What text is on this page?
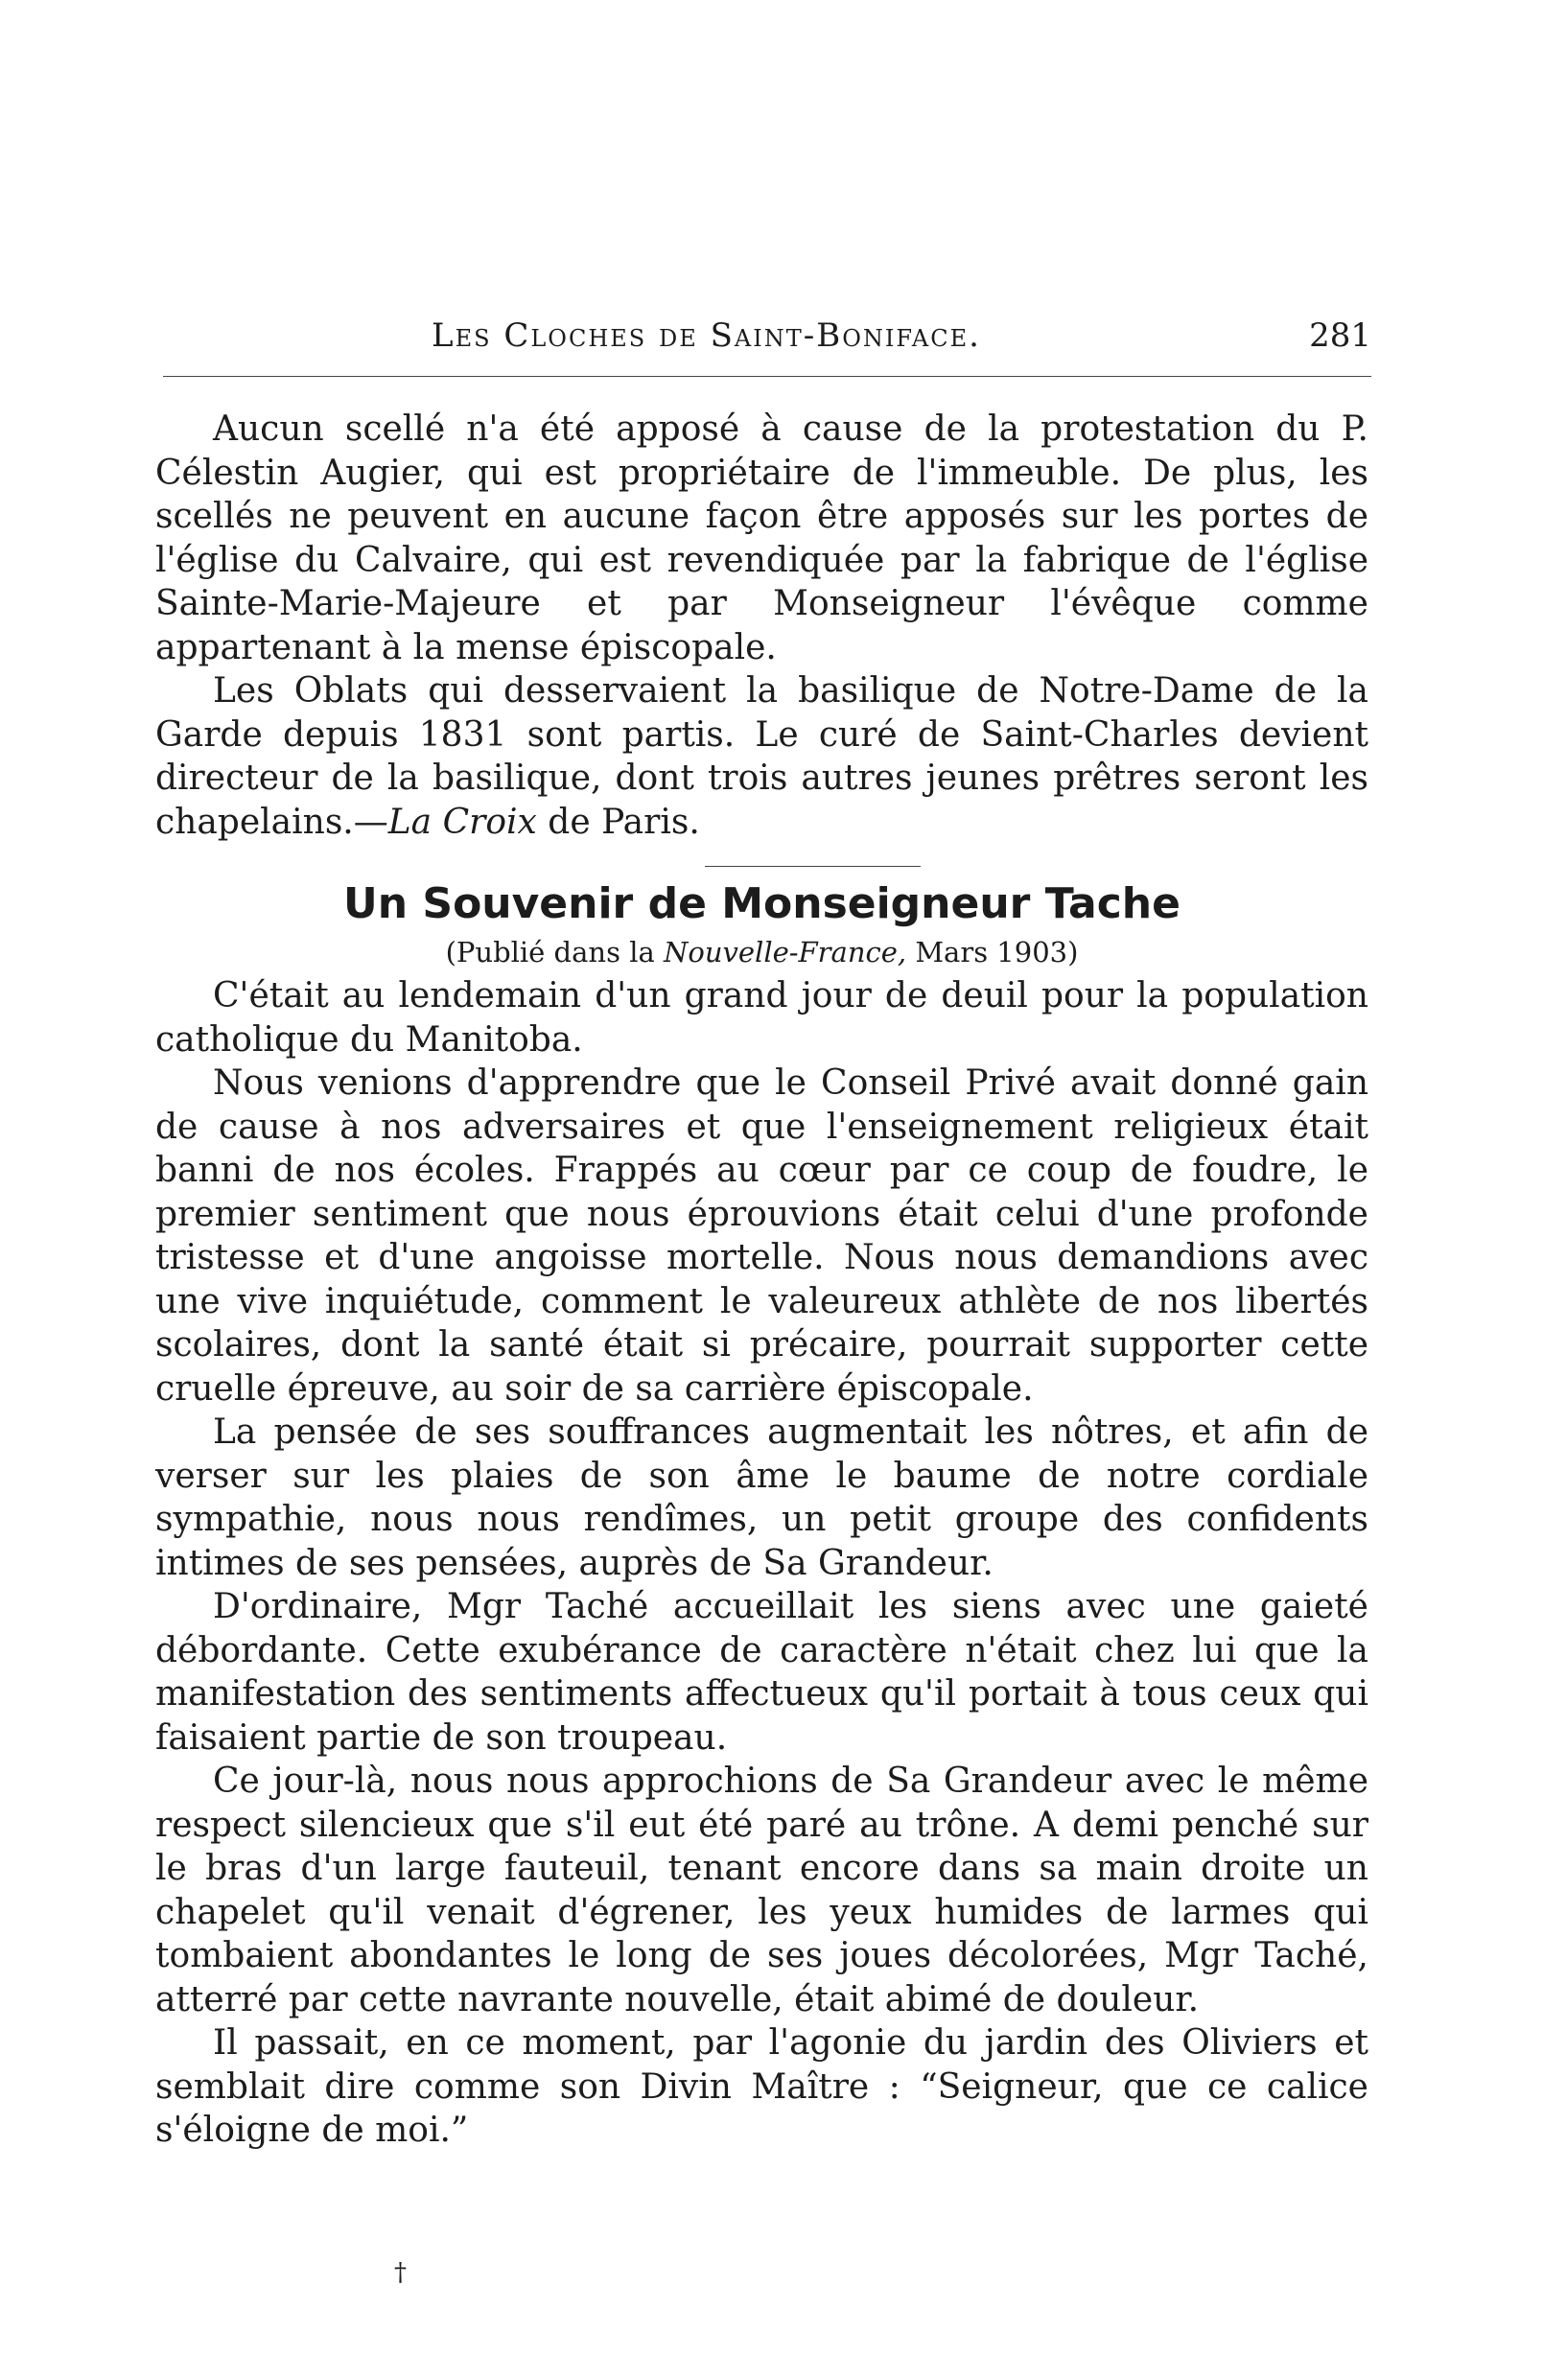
Les Cloches de Saint-Boniface.	281

Aucun scellé n'a été apposé à cause de la protestation du P. Célestin Augier, qui est propriétaire de l'immeuble. De plus, les scellés ne peuvent en aucune façon être apposés sur les portes de l'église du Calvaire, qui est revendiquée par la fabrique de l'église Sainte-Marie-Majeure et par Monseigneur l'évêque comme appartenant à la mense épiscopale.

Les Oblats qui desservaient la basilique de Notre-Dame de la Garde depuis 1831 sont partis. Le curé de Saint-Charles devient directeur de la basilique, dont trois autres jeunes prêtres seront les chapelains.—La Croix de Paris.

Un Souvenir de Monseigneur Tache
(Publié dans la Nouvelle-France, Mars 1903)

C'était au lendemain d'un grand jour de deuil pour la population catholique du Manitoba.

Nous venions d'apprendre que le Conseil Privé avait donné gain de cause à nos adversaires et que l'enseignement religieux était banni de nos écoles. Frappés au cœur par ce coup de foudre, le premier sentiment que nous éprouvions était celui d'une profonde tristesse et d'une angoisse mortelle. Nous nous demandions avec une vive inquiétude, comment le valeureux athlète de nos libertés scolaires, dont la santé était si précaire, pourrait supporter cette cruelle épreuve, au soir de sa carrière épiscopale.

La pensée de ses souffrances augmentait les nôtres, et afin de verser sur les plaies de son âme le baume de notre cordiale sympathie, nous nous rendîmes, un petit groupe des confidents intimes de ses pensées, auprès de Sa Grandeur.

D'ordinaire, Mgr Taché accueillait les siens avec une gaieté débordante. Cette exubérance de caractère n'était chez lui que la manifestation des sentiments affectueux qu'il portait à tous ceux qui faisaient partie de son troupeau.

Ce jour-là, nous nous approchions de Sa Grandeur avec le même respect silencieux que s'il eut été paré au trône. A demi penché sur le bras d'un large fauteuil, tenant encore dans sa main droite un chapelet qu'il venait d'égrener, les yeux humides de larmes qui tombaient abondantes le long de ses joues décolorées, Mgr Taché, atterré par cette navrante nouvelle, était abimé de douleur.

Il passait, en ce moment, par l'agonie du jardin des Oliviers et semblait dire comme son Divin Maître : “Seigneur, que ce calice s'éloigne de moi.”

†
